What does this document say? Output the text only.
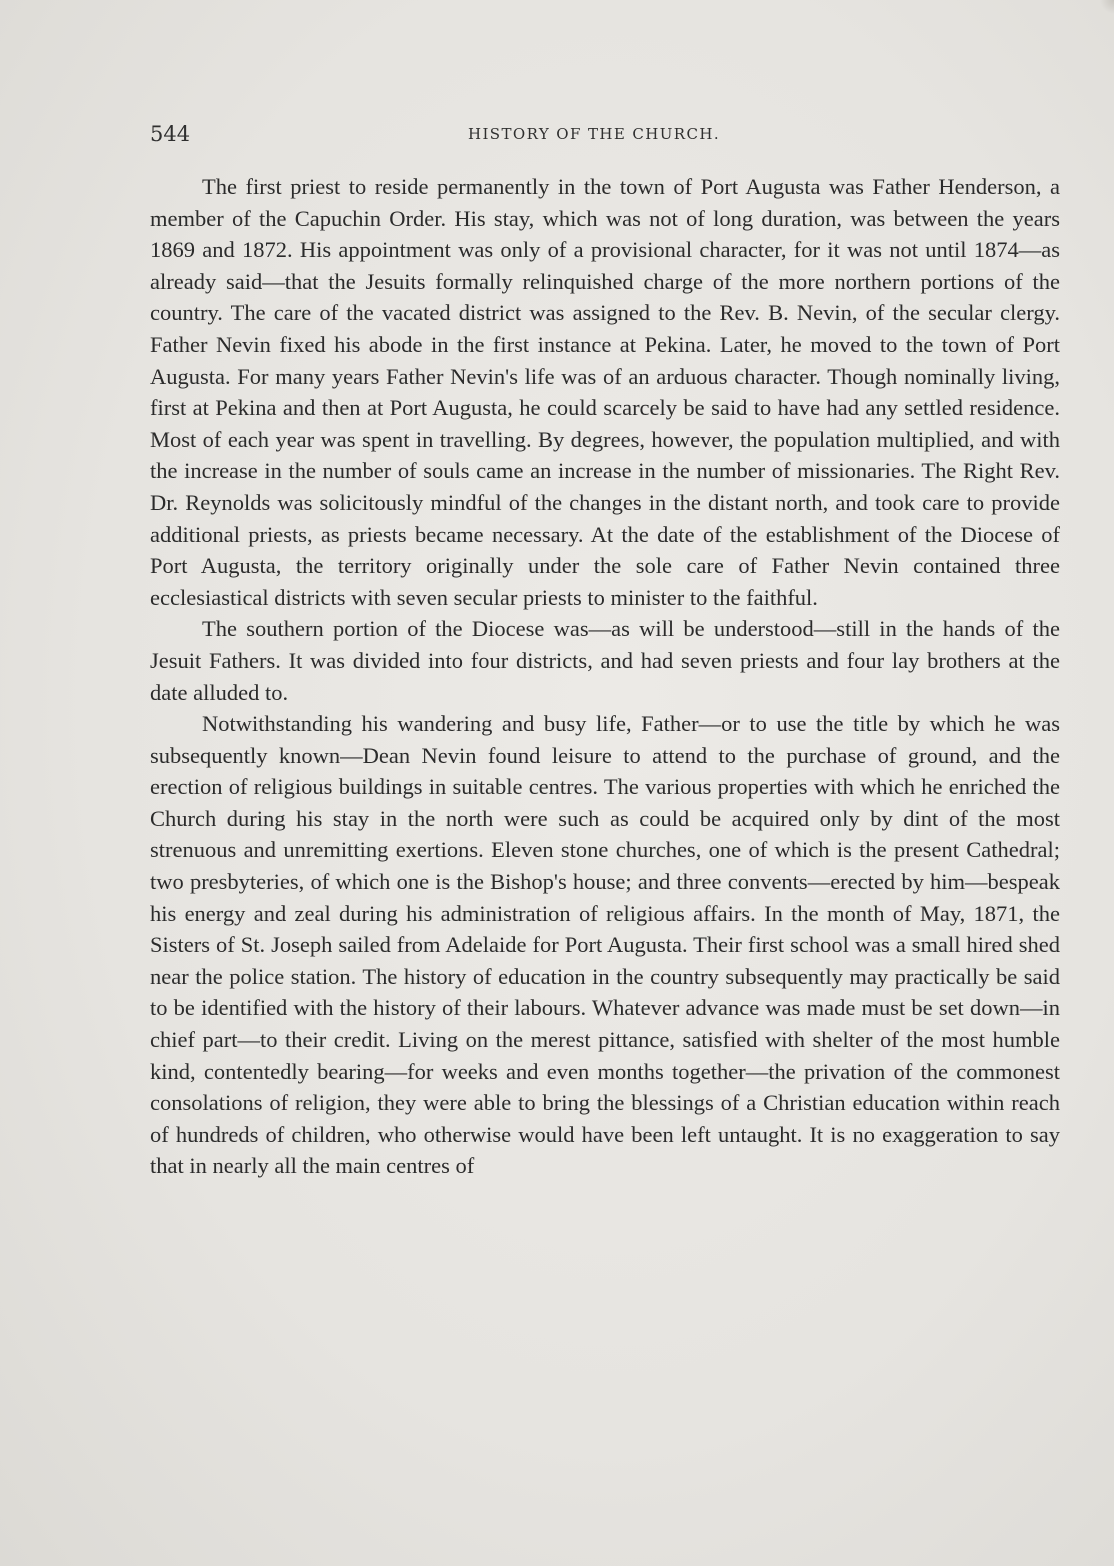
544	HISTORY OF THE CHURCH.

The first priest to reside permanently in the town of Port Augusta was Father Henderson, a member of the Capuchin Order. His stay, which was not of long duration, was between the years 1869 and 1872. His appointment was only of a provisional character, for it was not until 1874—as already said—that the Jesuits formally relinquished charge of the more northern portions of the country. The care of the vacated district was assigned to the Rev. B. Nevin, of the secular clergy. Father Nevin fixed his abode in the first instance at Pekina. Later, he moved to the town of Port Augusta. For many years Father Nevin's life was of an arduous character. Though nominally living, first at Pekina and then at Port Augusta, he could scarcely be said to have had any settled residence. Most of each year was spent in travelling. By degrees, however, the population multiplied, and with the increase in the number of souls came an increase in the number of missionaries. The Right Rev. Dr. Reynolds was solicitously mindful of the changes in the distant north, and took care to provide additional priests, as priests became necessary. At the date of the establishment of the Diocese of Port Augusta, the territory originally under the sole care of Father Nevin contained three ecclesiastical districts with seven secular priests to minister to the faithful.

The southern portion of the Diocese was—as will be understood—still in the hands of the Jesuit Fathers. It was divided into four districts, and had seven priests and four lay brothers at the date alluded to.

Notwithstanding his wandering and busy life, Father—or to use the title by which he was subsequently known—Dean Nevin found leisure to attend to the purchase of ground, and the erection of religious buildings in suitable centres. The various properties with which he enriched the Church during his stay in the north were such as could be acquired only by dint of the most strenuous and unremitting exertions. Eleven stone churches, one of which is the present Cathedral; two presbyteries, of which one is the Bishop's house; and three convents—erected by him—bespeak his energy and zeal during his administration of religious affairs. In the month of May, 1871, the Sisters of St. Joseph sailed from Adelaide for Port Augusta. Their first school was a small hired shed near the police station. The history of education in the country subsequently may practically be said to be identified with the history of their labours. Whatever advance was made must be set down—in chief part—to their credit. Living on the merest pittance, satisfied with shelter of the most humble kind, contentedly bearing—for weeks and even months together—the privation of the commonest consolations of religion, they were able to bring the blessings of a Christian education within reach of hundreds of children, who otherwise would have been left untaught. It is no exaggeration to say that in nearly all the main centres of
